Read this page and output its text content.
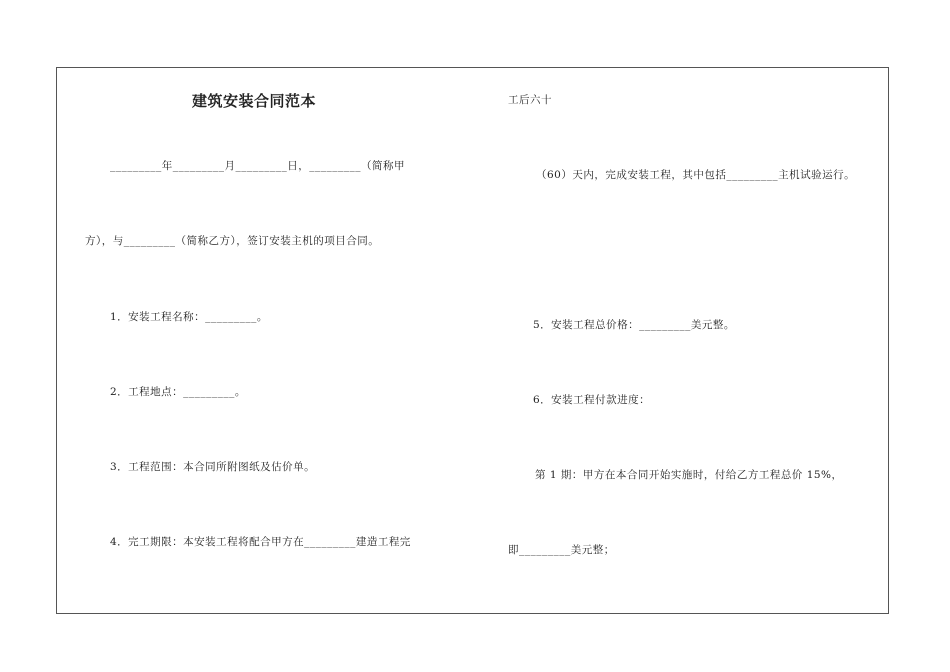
建筑安装合同范本
_________年_________月_________日，_________（简称甲
方），与_________（简称乙方），签订安装主机的项目合同。
1．安装工程名称：_________。
2．工程地点：_________。
3．工程范围：本合同所附图纸及估价单。
4．完工期限：本安装工程将配合甲方在_________建造工程完
工后六十
（60）天内，完成安装工程，其中包括_________主机试验运行。
5．安装工程总价格：_________美元整。
6．安装工程付款进度：
第 1 期：甲方在本合同开始实施时，付给乙方工程总价 15%，
即_________美元整；
